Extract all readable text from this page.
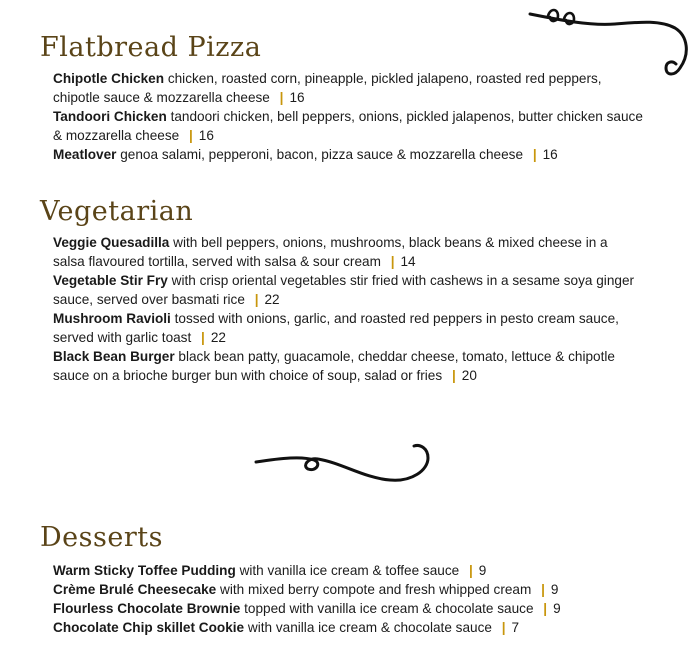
Flatbread Pizza
Chipotle Chicken chicken, roasted corn, pineapple, pickled jalapeno, roasted red peppers, chipotle sauce & mozzarella cheese | 16
Tandoori Chicken tandoori chicken, bell peppers, onions, pickled jalapenos, butter chicken sauce & mozzarella cheese | 16
Meatlover genoa salami, pepperoni, bacon, pizza sauce & mozzarella cheese | 16
Vegetarian
Veggie Quesadilla with bell peppers, onions, mushrooms, black beans & mixed cheese in a salsa flavoured tortilla, served with salsa & sour cream | 14
Vegetable Stir Fry with crisp oriental vegetables stir fried with cashews in a sesame soya ginger sauce, served over basmati rice | 22
Mushroom Ravioli tossed with onions, garlic, and roasted red peppers in pesto cream sauce, served with garlic toast | 22
Black Bean Burger black bean patty, guacamole, cheddar cheese, tomato, lettuce & chipotle sauce on a brioche burger bun with choice of soup, salad or fries | 20
Desserts
Warm Sticky Toffee Pudding with vanilla ice cream & toffee sauce | 9
Crème Brulé Cheesecake with mixed berry compote and fresh whipped cream | 9
Flourless Chocolate Brownie topped with vanilla ice cream & chocolate sauce | 9
Chocolate Chip skillet Cookie with vanilla ice cream & chocolate sauce | 7
